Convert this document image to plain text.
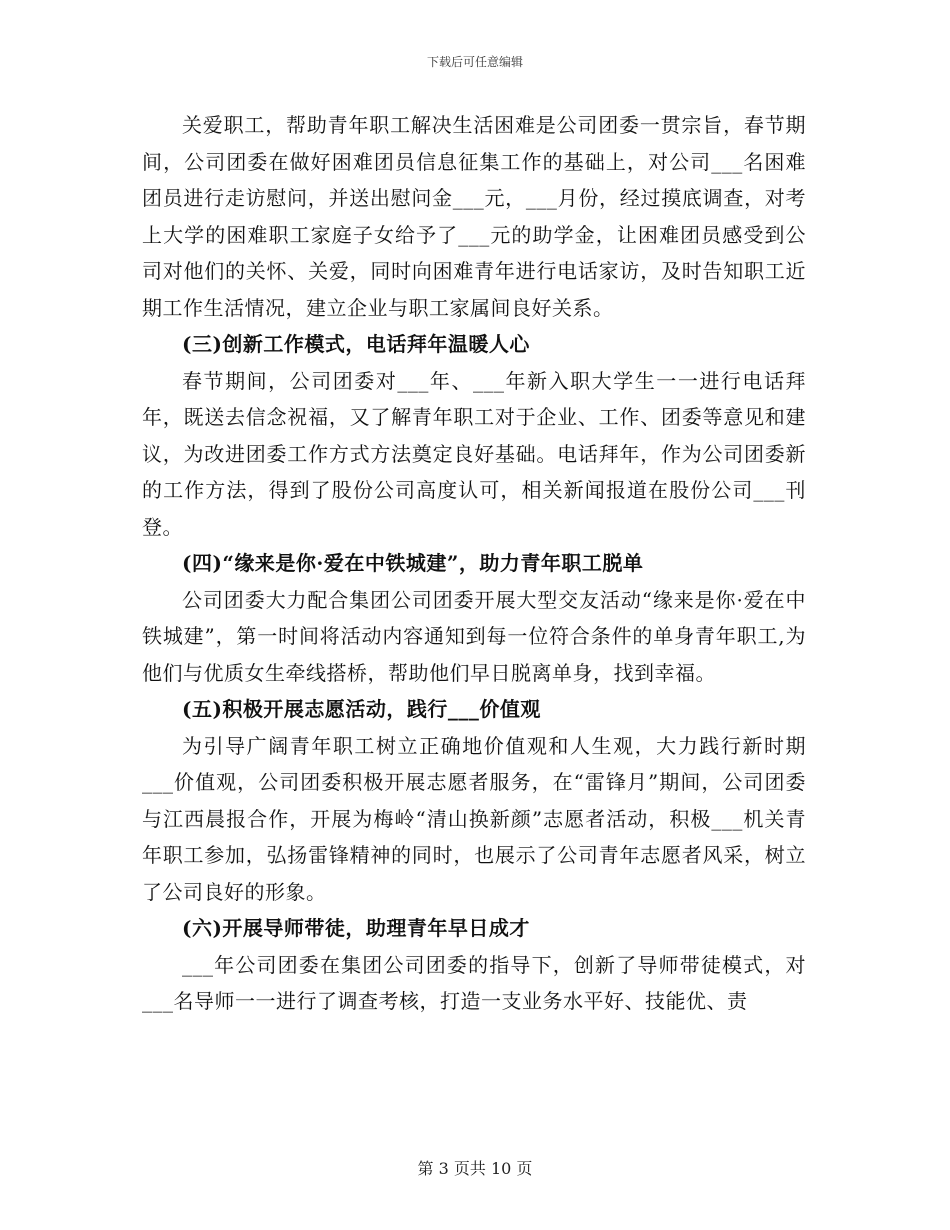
下载后可任意编辑

关爱职工，帮助青年职工解决生活困难是公司团委一贯宗旨，春节期间，公司团委在做好困难团员信息征集工作的基础上，对公司___名困难团员进行走访慰问，并送出慰问金___元，___月份，经过摸底调查，对考上大学的困难职工家庭子女给予了___元的助学金，让困难团员感受到公司对他们的关怀、关爱，同时向困难青年进行电话家访，及时告知职工近期工作生活情况，建立企业与职工家属间良好关系。

(三)创新工作模式，电话拜年温暖人心

春节期间，公司团委对___年、___年新入职大学生一一进行电话拜年，既送去信念祝福，又了解青年职工对于企业、工作、团委等意见和建议，为改进团委工作方式方法奠定良好基础。电话拜年，作为公司团委新的工作方法，得到了股份公司高度认可，相关新闻报道在股份公司___刊登。

(四)“缘来是你·爱在中铁城建”，助力青年职工脱单

公司团委大力配合集团公司团委开展大型交友活动“缘来是你·爱在中铁城建”，第一时间将活动内容通知到每一位符合条件的单身青年职工,为他们与优质女生牵线搭桥，帮助他们早日脱离单身，找到幸福。

(五)积极开展志愿活动，践行___价值观

为引导广阔青年职工树立正确地价值观和人生观，大力践行新时期___价值观，公司团委积极开展志愿者服务，在“雷锋月”期间，公司团委与江西晨报合作，开展为梅岭“清山换新颜”志愿者活动，积极___机关青年职工参加，弘扬雷锋精神的同时，也展示了公司青年志愿者风采，树立了公司良好的形象。

(六)开展导师带徒，助理青年早日成才

___年公司团委在集团公司团委的指导下，创新了导师带徒模式，对___名导师一一进行了调查考核，打造一支业务水平好、技能优、责

第 3 页共 10 页
